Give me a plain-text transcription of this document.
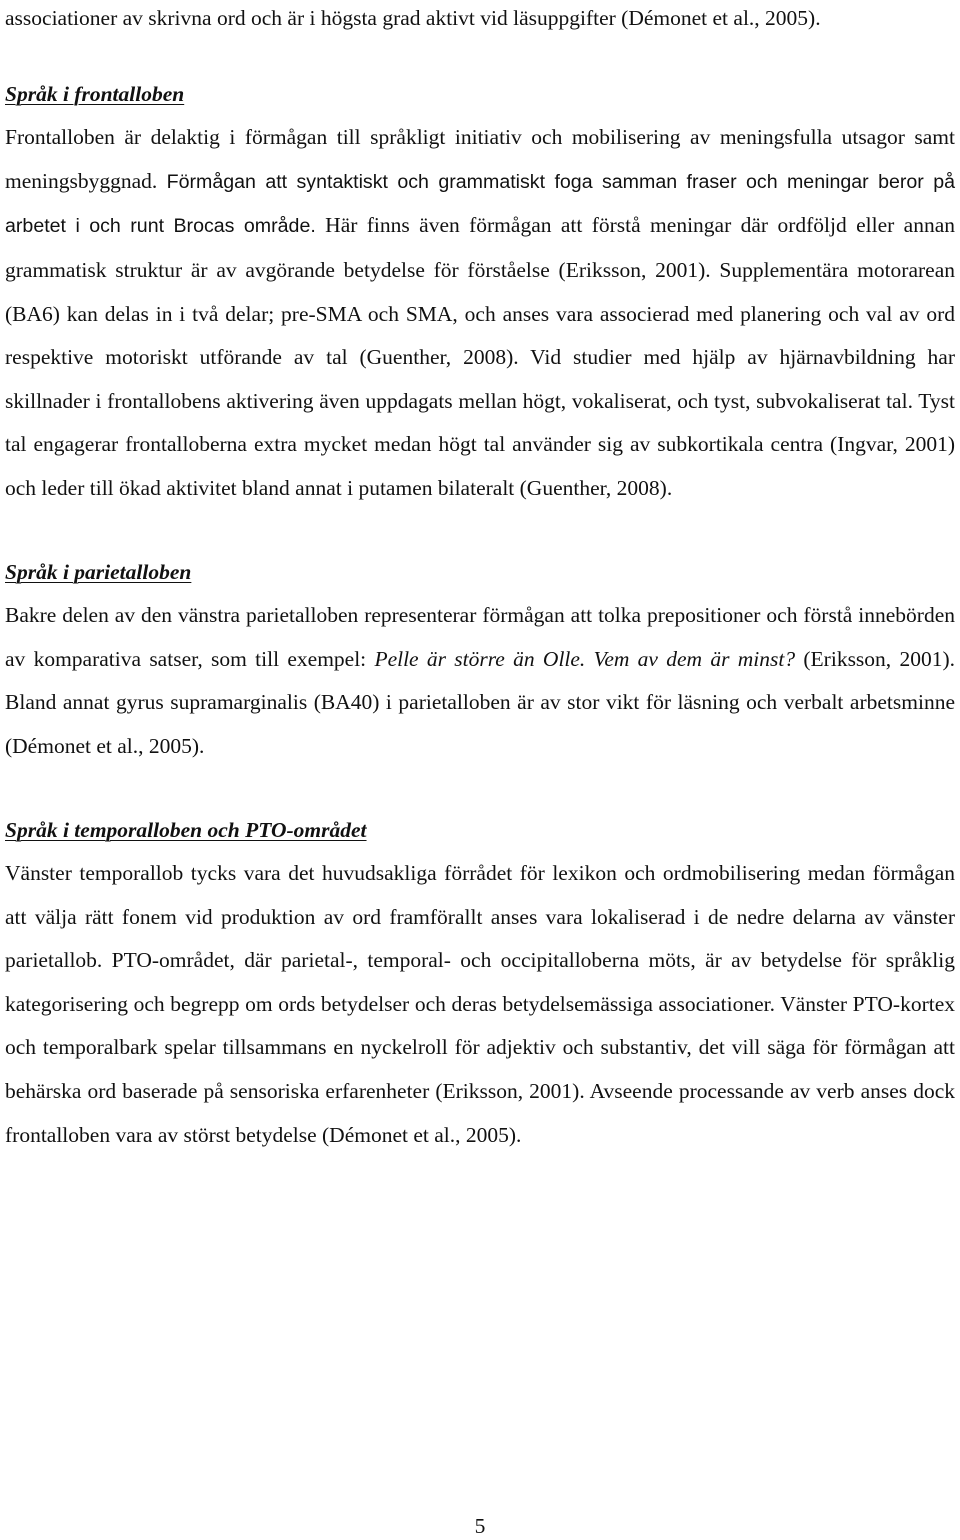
associationer av skrivna ord och är i högsta grad aktivt vid läsuppgifter (Démonet et al., 2005).

Språk i frontalloben

Frontalloben är delaktig i förmågan till språkligt initiativ och mobilisering av meningsfulla utsagor samt meningsbyggnad. Förmågan att syntaktiskt och grammatiskt foga samman fraser och meningar beror på arbetet i och runt Brocas område. Här finns även förmågan att förstå meningar där ordföljd eller annan grammatisk struktur är av avgörande betydelse för förståelse (Eriksson, 2001). Supplementära motorarean (BA6) kan delas in i två delar; pre-SMA och SMA, och anses vara associerad med planering och val av ord respektive motoriskt utförande av tal (Guenther, 2008). Vid studier med hjälp av hjärnavbildning har skillnader i frontallobens aktivering även uppdagats mellan högt, vokaliserat, och tyst, subvokaliserat tal. Tyst tal engagerar frontalloberna extra mycket medan högt tal använder sig av subkortikala centra (Ingvar, 2001) och leder till ökad aktivitet bland annat i putamen bilateralt (Guenther, 2008).

Språk i parietalloben

Bakre delen av den vänstra parietalloben representerar förmågan att tolka prepositioner och förstå innebörden av komparativa satser, som till exempel: Pelle är större än Olle. Vem av dem är minst? (Eriksson, 2001). Bland annat gyrus supramarginalis (BA40) i parietalloben är av stor vikt för läsning och verbalt arbetsminne (Démonet et al., 2005).

Språk i temporalloben och PTO-området

Vänster temporallob tycks vara det huvudsakliga förrådet för lexikon och ordmobilisering medan förmågan att välja rätt fonem vid produktion av ord framförallt anses vara lokaliserad i de nedre delarna av vänster parietallob. PTO-området, där parietal-, temporal- och occipitalloberna möts, är av betydelse för språklig kategorisering och begrepp om ords betydelser och deras betydelsemässiga associationer. Vänster PTO-kortex och temporalbark spelar tillsammans en nyckelroll för adjektiv och substantiv, det vill säga för förmågan att behärska ord baserade på sensoriska erfarenheter (Eriksson, 2001). Avseende processande av verb anses dock frontalloben vara av störst betydelse (Démonet et al., 2005).

5
